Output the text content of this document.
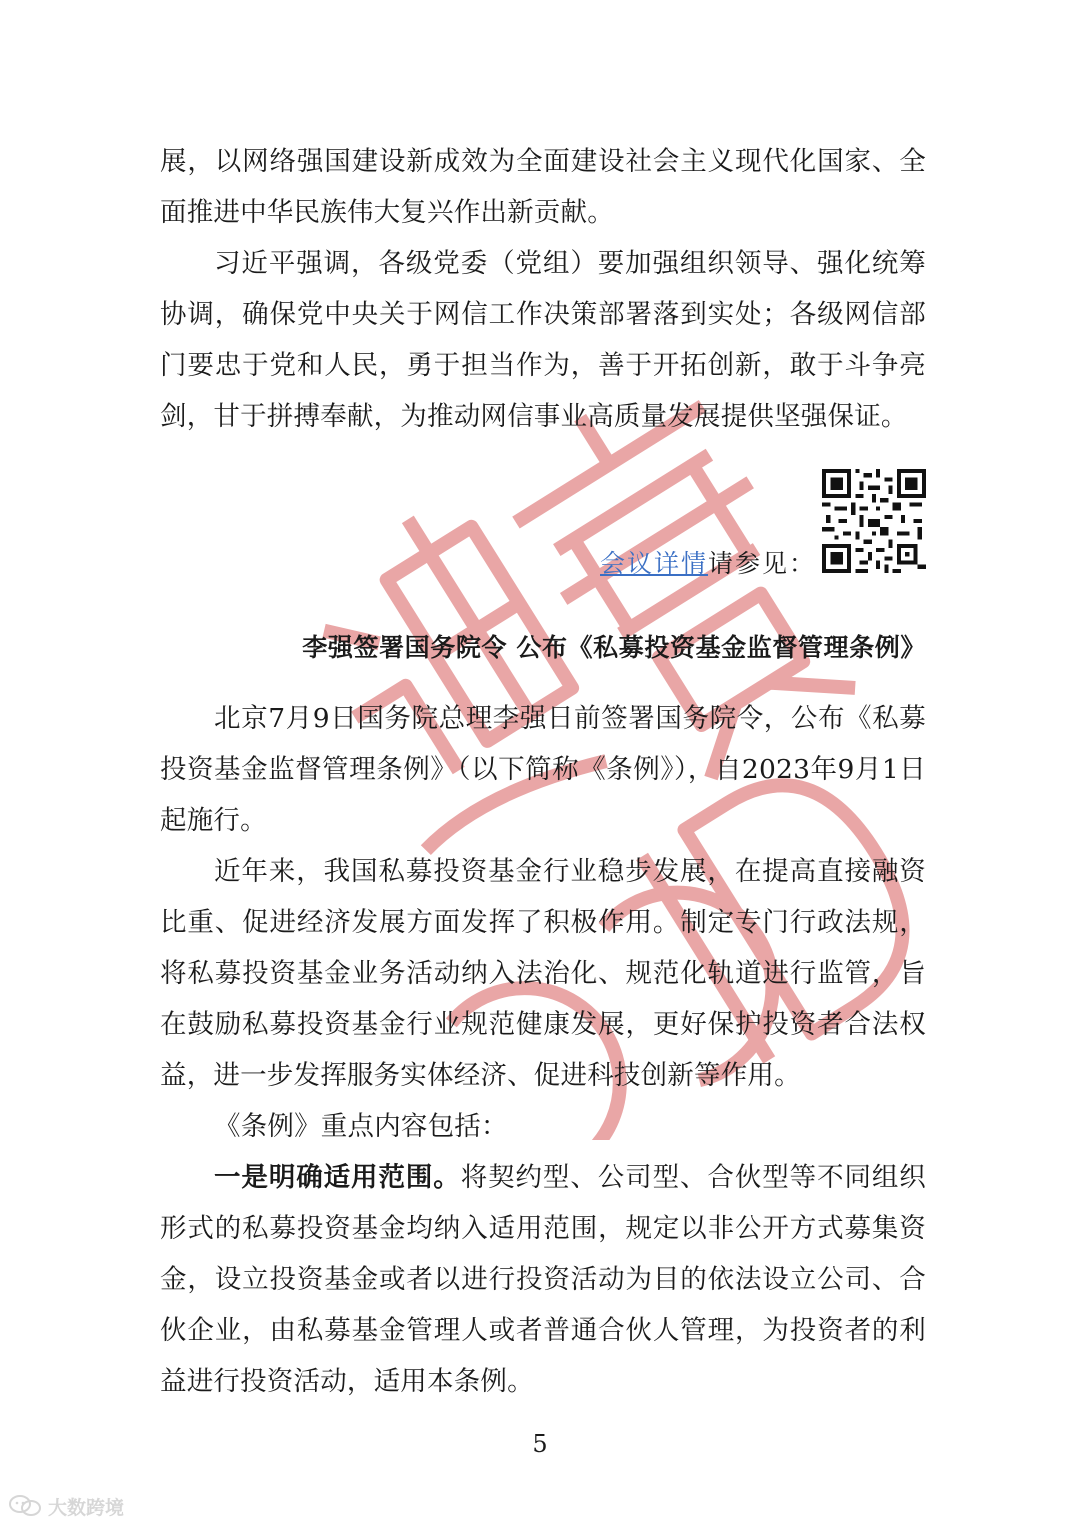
展，以网络强国建设新成效为全面建设社会主义现代化国家、全面推进中华民族伟大复兴作出新贡献。

习近平强调，各级党委（党组）要加强组织领导、强化统筹协调，确保党中央关于网信工作决策部署落到实处；各级网信部门要忠于党和人民，勇于担当作为，善于开拓创新，敢于斗争亮剑，甘于拼搏奉献，为推动网信事业高质量发展提供坚强保证。

会议详情请参见：
李强签署国务院令 公布《私募投资基金监督管理条例》

北京7月9日国务院总理李强日前签署国务院令，公布《私募投资基金监督管理条例》（以下简称《条例》），自2023年9月1日起施行。

近年来，我国私募投资基金行业稳步发展，在提高直接融资比重、促进经济发展方面发挥了积极作用。制定专门行政法规，将私募投资基金业务活动纳入法治化、规范化轨道进行监管，旨在鼓励私募投资基金行业规范健康发展，更好保护投资者合法权益，进一步发挥服务实体经济、促进科技创新等作用。

《条例》重点内容包括：

一是明确适用范围。将契约型、公司型、合伙型等不同组织形式的私募投资基金均纳入适用范围，规定以非公开方式募集资金，设立投资基金或者以进行投资活动为目的依法设立公司、合伙企业，由私募基金管理人或者普通合伙人管理，为投资者的利益进行投资活动，适用本条例。

5
大数跨境
